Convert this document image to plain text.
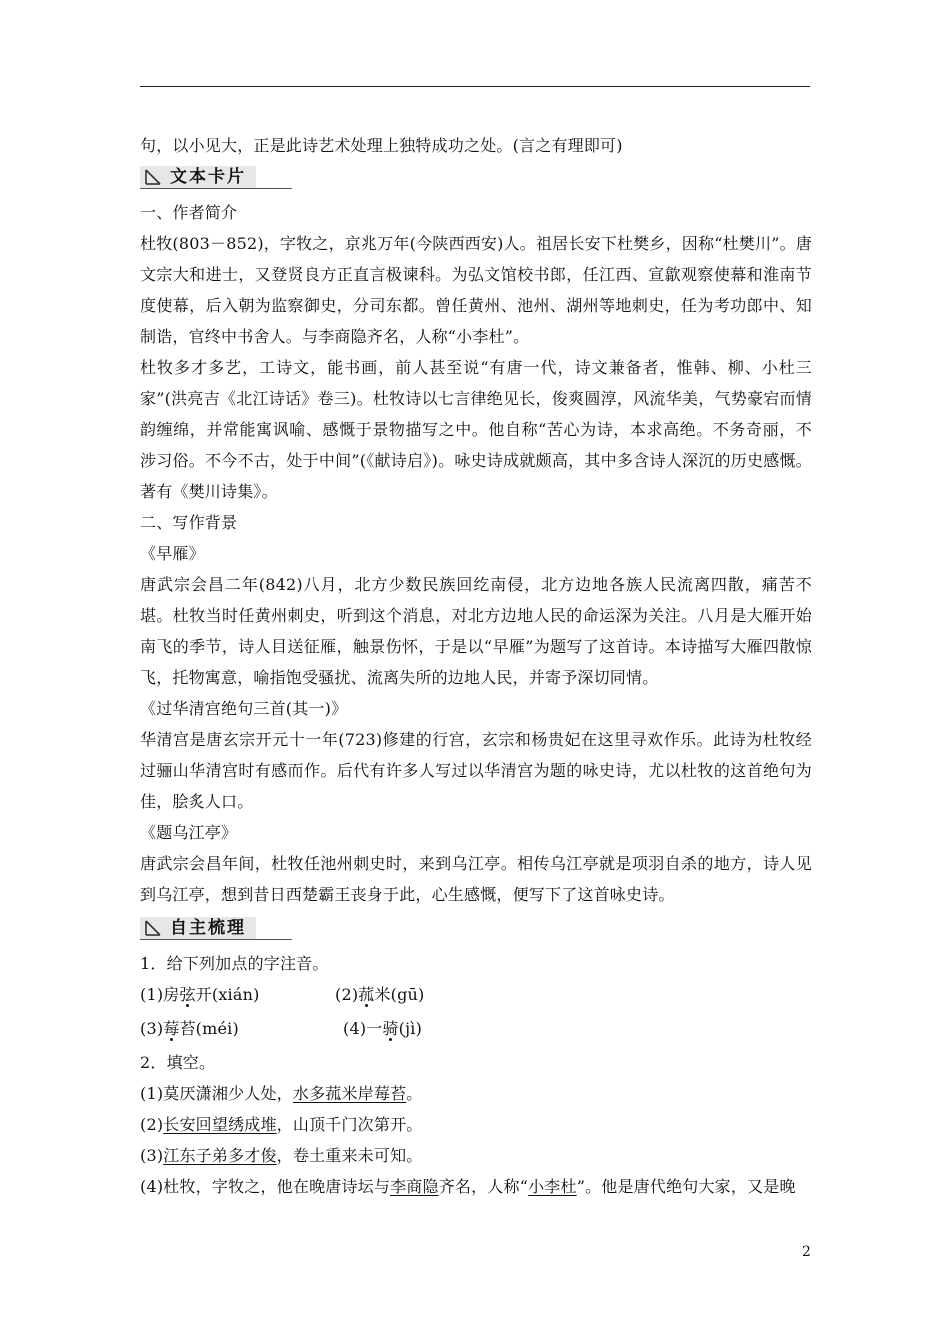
句，以小见大，正是此诗艺术处理上独特成功之处。(言之有理即可)

文本卡片

一、作者简介

杜牧(803－852)，字牧之，京兆万年(今陕西西安)人。祖居长安下杜樊乡，因称“杜樊川”。唐文宗大和进士，又登贤良方正直言极谏科。为弘文馆校书郎，任江西、宣歙观察使幕和淮南节度使幕，后入朝为监察御史，分司东都。曾任黄州、池州、湖州等地刺史，任为考功郎中、知制诰，官终中书舍人。与李商隐齐名，人称“小李杜”。

杜牧多才多艺，工诗文，能书画，前人甚至说“有唐一代，诗文兼备者，惟韩、柳、小杜三家”(洪亮吉《北江诗话》卷三)。杜牧诗以七言律绝见长，俊爽圆淳，风流华美，气势豪宕而情韵缠绵，并常能寓讽喻、感慨于景物描写之中。他自称“苦心为诗，本求高绝。不务奇丽，不涉习俗。不今不古，处于中间”(《献诗启》)。咏史诗成就颇高，其中多含诗人深沉的历史感慨。著有《樊川诗集》。

二、写作背景

《早雁》

唐武宗会昌二年(842)八月，北方少数民族回纥南侵，北方边地各族人民流离四散，痛苦不堪。杜牧当时任黄州刺史，听到这个消息，对北方边地人民的命运深为关注。八月是大雁开始南飞的季节，诗人目送征雁，触景伤怀，于是以“早雁”为题写了这首诗。本诗描写大雁四散惊飞，托物寓意，喻指饱受骚扰、流离失所的边地人民，并寄予深切同情。

《过华清宫绝句三首(其一)》

华清宫是唐玄宗开元十一年(723)修建的行宫，玄宗和杨贵妃在这里寻欢作乐。此诗为杜牧经过骊山华清宫时有感而作。后代有许多人写过以华清宫为题的咏史诗，尤以杜牧的这首绝句为佳，脍炙人口。

《题乌江亭》

唐武宗会昌年间，杜牧任池州刺史时，来到乌江亭。相传乌江亭就是项羽自杀的地方，诗人见到乌江亭，想到昔日西楚霸王丧身于此，心生感慨，便写下了这首咏史诗。

自主梳理

1．给下列加点的字注音。

(1)房弦开(xián)	(2)菰米(gū)

(3)莓苔(méi)	(4)一骑(jì)

2．填空。

(1)莫厌潇湘少人处，水多菰米岸莓苔。

(2)长安回望绣成堆，山顶千门次第开。

(3)江东子弟多才俊，卷土重来未可知。

(4)杜牧，字牧之，他在晚唐诗坛与李商隐齐名，人称“小李杜”。他是唐代绝句大家，又是晚

2
